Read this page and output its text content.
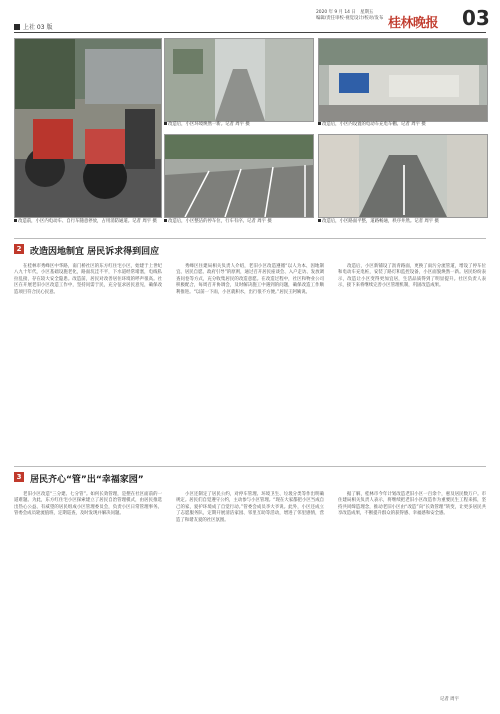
上社 03 版
2020 年 9 月 14 日　星期五
编辑/责任审校·视觉设计/校对/发布 桂林晚报 03
改造前，小区内电动车、自行车随意停放，占用消防通道。记者 周宇 摄
改造后，小区环境焕然一新。记者 周宇 摄	改造后，小区内设置的电动车充电车棚。记者 周宇 摄
改造后，小区整洁的停车位，行车有序。记者 周宇 摄	改造后，小区路面平整，道路畅通，秩序井然。记者 周宇 摄
2 改造因地制宜 居民诉求得到回应

在桂林市秀峰区中华路，南门桥社区的东方红住宅小区，始建于上世纪八九十年代，小区基础设施老化，路面坑洼不平，下水道经常堵塞，电线私拉乱接，存在较大安全隐患。改造前，居民对改善居住环境的呼声很高。社区在开展老旧小区改造工作中，坚持问需于民，充分征求居民意见，确保改造项目符合民心民意。

秀峰区住建局相关负责人介绍，老旧小区改造遵循“以人为本、因地制宜、居民自愿、政府引导”的原则，通过召开居民座谈会、入户走访、发放调查问卷等方式，充分收集居民的改造意愿。在改造过程中，社区和物业公司积极配合，每周召开协调会，及时解决施工中遇到的问题，确保改造工作顺利推进。“以前一下雨，小区就积水，出行很不方便。”居民王阿姨说。

改造后，小区新铺设了沥青路面，更换了雨污分流管道，增设了停车位和电动车充电桩，安装了路灯和监控设备，小区面貌焕然一新。居民纷纷表示，改造让小区变得更加宜居，生活品质得到了明显提升。社区负责人表示，接下来将继续完善小区管理机制，巩固改造成果。

3 居民齐心“管”出“幸福家园”

老旧小区改造“三分建、七分管”。如何长效管理，是摆在社区面前的一道难题。为此，东方红住宅小区探索建立了居民自治管理模式，由居民推选出热心公益、有威望的居民组成小区管理委员会，负责小区日常管理事务。管委会成员轮流值班，定期巡查，及时发现并解决问题。

小区还制定了居民公约，对停车管理、环境卫生、垃圾分类等作出明确规定。居民们自觉遵守公约，主动参与小区管理。“现在大家都把小区当成自己的家，爱护环境成了自觉行动。”管委会成员李大爷说。此外，小区还成立了志愿服务队，定期开展清洁家园、邻里互助等活动，增进了邻里感情，营造了和谐友爱的社区氛围。

据了解，桂林市今年计划改造老旧小区一百余个，惠及居民数万户。市住建局相关负责人表示，将继续把老旧小区改造作为重要民生工程来抓，坚持共同缔造理念，推动老旧小区由“改造”向“长效管理”转变，让更多居民共享改造成果，不断提升群众的获得感、幸福感和安全感。

记者 周宇
